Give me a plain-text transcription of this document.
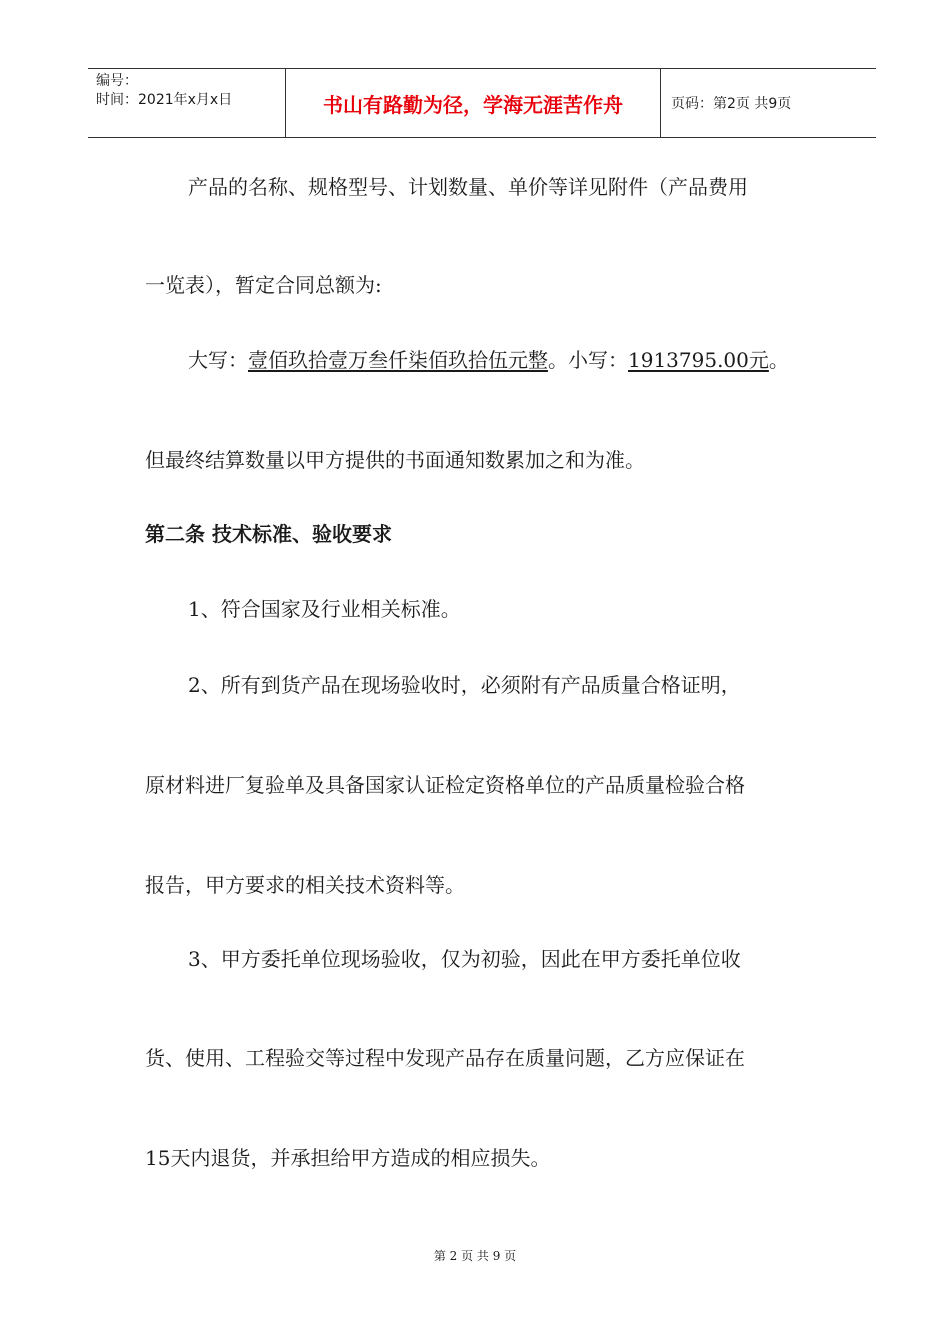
编号：
时间：2021年x月x日	书山有路勤为径，学海无涯苦作舟	页码：第2页 共9页
产品的名称、规格型号、计划数量、单价等详见附件（产品费用
一览表），暂定合同总额为:
大写：壹佰玖拾壹万叁仟柒佰玖拾伍元整。小写：1913795.00元。
但最终结算数量以甲方提供的书面通知数累加之和为准。
第二条 技术标准、验收要求
1、符合国家及行业相关标准。
2、所有到货产品在现场验收时，必须附有产品质量合格证明，
原材料进厂复验单及具备国家认证检定资格单位的产品质量检验合格
报告，甲方要求的相关技术资料等。
3、甲方委托单位现场验收，仅为初验，因此在甲方委托单位收
货、使用、工程验交等过程中发现产品存在质量问题，乙方应保证在
15天内退货，并承担给甲方造成的相应损失。
第 2 页 共 9 页
